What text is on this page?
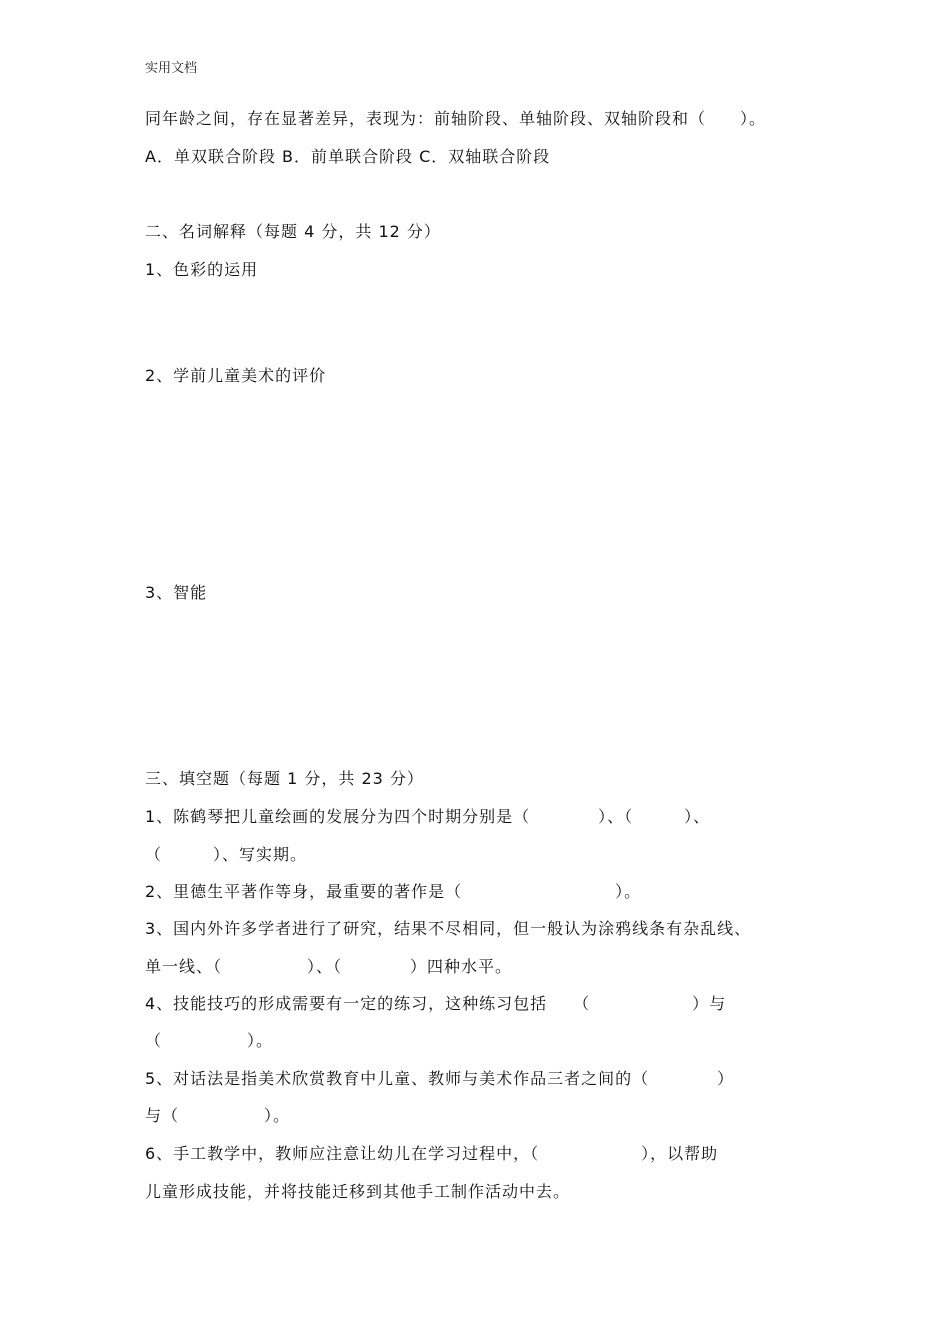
实用文档
同年龄之间，存在显著差异，表现为：前轴阶段、单轴阶段、双轴阶段和（　　）。
A．单双联合阶段 B．前单联合阶段 C．双轴联合阶段
二、名词解释（每题 4 分，共 12 分）
1、色彩的运用
2、学前儿童美术的评价
3、智能
三、填空题（每题 1 分，共 23 分）
1、陈鹤琴把儿童绘画的发展分为四个时期分别是（　　　　）、（　　　）、
（　　　）、写实期。
2、里德生平著作等身，最重要的著作是（　　　　　　　　　）。
3、国内外许多学者进行了研究，结果不尽相同，但一般认为涂鸦线条有杂乱线、
单一线、（　　　　　）、（　　　　）四种水平。
4、技能技巧的形成需要有一定的练习，这种练习包括　　（　　　　　　）与
（　　　　　）。
5、对话法是指美术欣赏教育中儿童、教师与美术作品三者之间的（　　　　）
与（　　　　　）。
6、手工教学中，教师应注意让幼儿在学习过程中，（　　　　　　），以帮助
儿童形成技能，并将技能迁移到其他手工制作活动中去。
